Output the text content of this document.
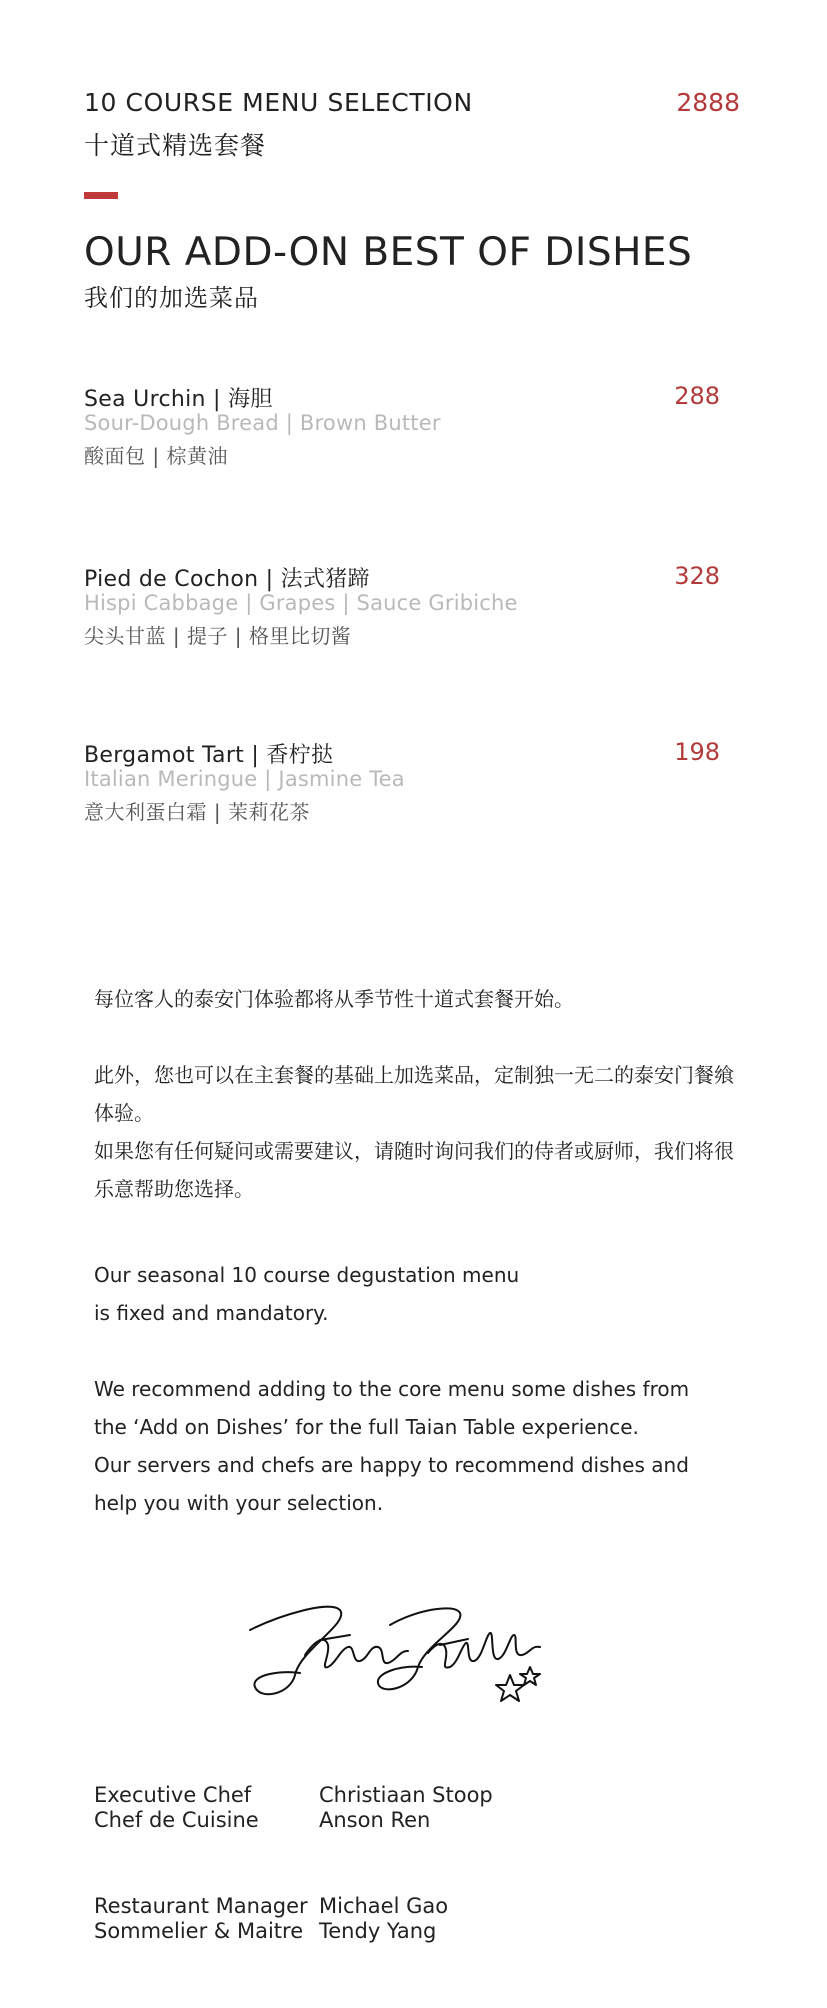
10 COURSE MENU SELECTION
十道式精选套餐
2888
OUR ADD-ON BEST OF DISHES
我们的加选菜品
Sea Urchin | 海胆	288
Sour-Dough Bread | Brown Butter
酸面包 | 棕黄油
Pied de Cochon | 法式猪蹄	328
Hispi Cabbage | Grapes | Sauce Gribiche
尖头甘蓝 | 提子 | 格里比切酱
Bergamot Tart | 香柠挞	198
Italian Meringue | Jasmine Tea
意大利蛋白霜 | 茉莉花茶
每位客人的泰安门体验都将从季节性十道式套餐开始。
此外，您也可以在主套餐的基础上加选菜品，定制独一无二的泰安门餐飨体验。
如果您有任何疑问或需要建议，请随时询问我们的侍者或厨师，我们将很乐意帮助您选择。
Our seasonal 10 course degustation menu
is fixed and mandatory.
We recommend adding to the core menu some dishes from
the ‘Add on Dishes’ for the full Taian Table experience.
Our servers and chefs are happy to recommend dishes and
help you with your selection.
Executive Chef	Christiaan Stoop
Chef de Cuisine	Anson Ren
Restaurant Manager Michael Gao
Sommelier & Maitre Tendy Yang
